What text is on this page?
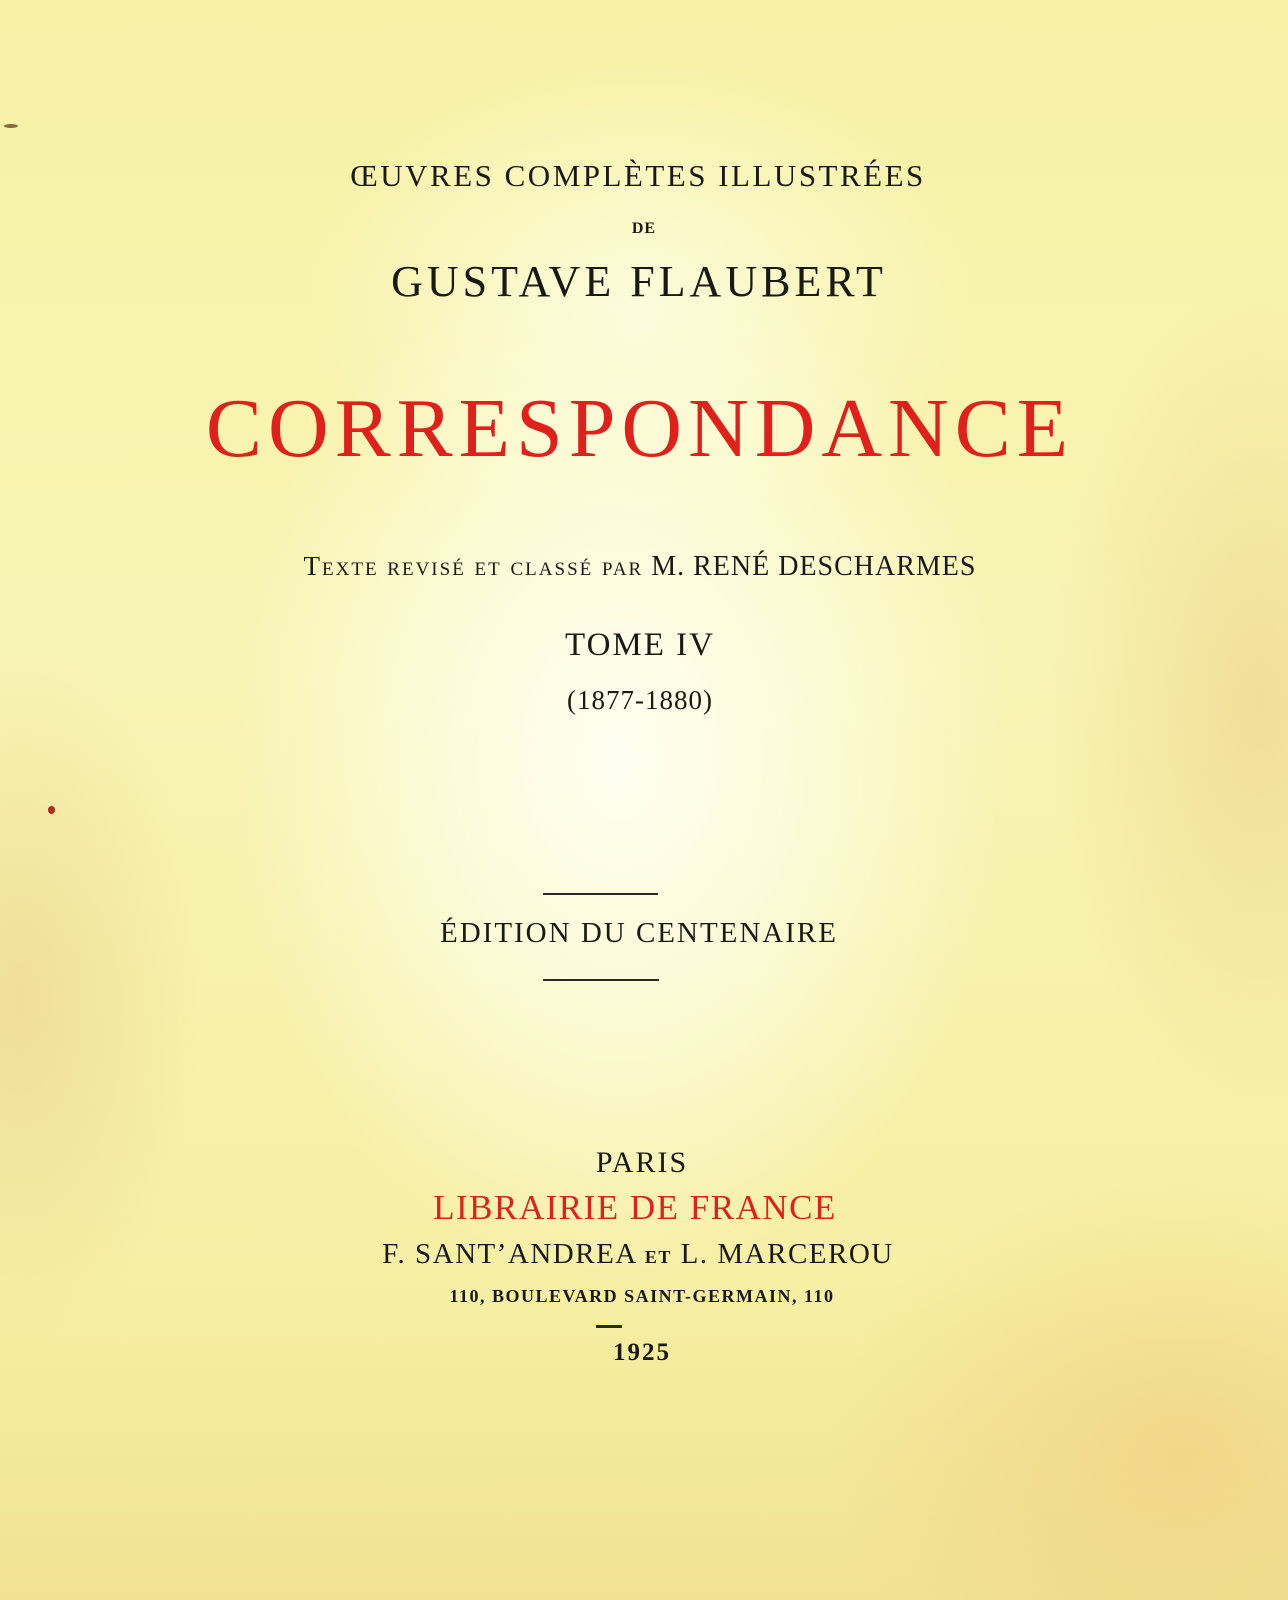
ŒUVRES COMPLÈTES ILLUSTRÉES
DE
GUSTAVE FLAUBERT
CORRESPONDANCE
Texte revisé et classé par M. RENÉ DESCHARMES
TOME IV
(1877-1880)
ÉDITION DU CENTENAIRE
PARIS
LIBRAIRIE DE FRANCE
F. SANT’ANDREA et L. MARCEROU
110, BOULEVARD SAINT-GERMAIN, 110
1925
